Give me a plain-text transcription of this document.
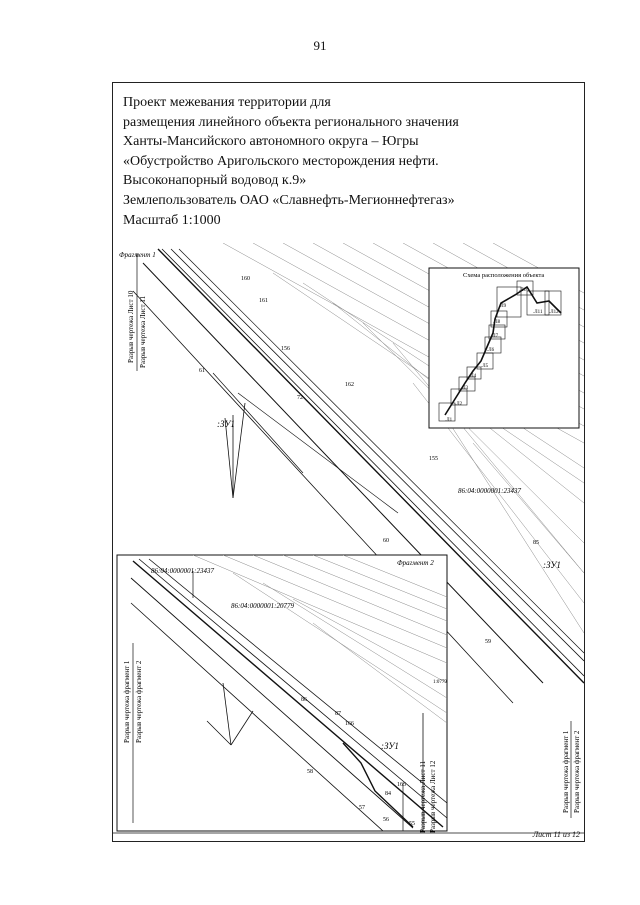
91
Проект межевания территории для
размещения линейного объекта регионального значения
Ханты-Мансийского автономного округа – Югры
«Обустройство Аригольского месторождения нефти.
Высоконапорный водовод к.9»
Землепользователь ОАО «Славнефть-Мегионнефтегаз»
Масштаб 1:1000
Фрагмент 1
Разрыв чертежа Лист 10 Разрыв чертежа Лист 11
160
161
156
61
72
162
155
60	85
59
:ЗУ1
86:04:0000001:23437
:ЗУ1
Разрыв чертежа фрагмент 1 Разрыв чертежа фрагмент 2
Схема расположения объекта
.Л1
.Л2
.Л3
.Л4
.Л5
.Л6
.Л7
.Л8
.Л9
.Л10
.Л11 .Л12
Фрагмент 2
Разрыв чертежа фрагмент 1 Разрыв чертежа фрагмент 2
86:04:0000001:23437
86:04:0000001:20779
1:0779
:ЗУ1
Разрыв чертежа Лист 11 Разрыв чертежа Лист 12
86
87
166
165
84
58
57
56
55
Лист 11 из 12
